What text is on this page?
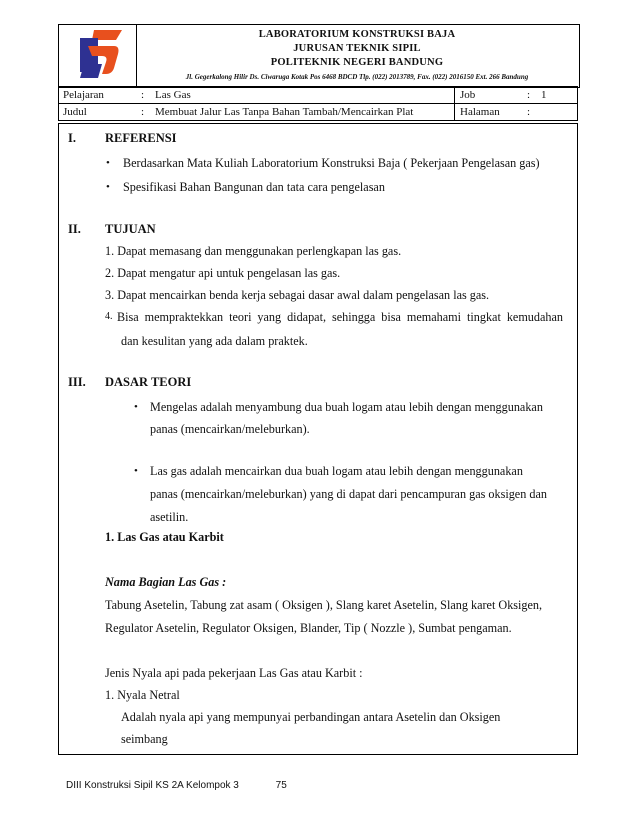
LABORATORIUM KONSTRUKSI BAJA
JURUSAN TEKNIK SIPIL
POLITEKNIK NEGERI BANDUNG
Jl. Gegerkalong Hilir Ds. Ciwaruga Kotak Pos 6468 BDCD Tlp. (022) 2013789, Fax. (022) 2016150 Ext. 266 Bandung
Pelajaran	: Las Gas	Job	: 1
Judul	: Membuat Jalur Las Tanpa Bahan Tambah/Mencairkan Plat	Halaman :
I. REFERENSI
• Berdasarkan Mata Kuliah Laboratorium Konstruksi Baja ( Pekerjaan Pengelasan gas)
• Spesifikasi Bahan Bangunan dan tata cara pengelasan
II. TUJUAN
1. Dapat memasang dan menggunakan perlengkapan las gas.
2. Dapat mengatur api untuk pengelasan las gas.
3. Dapat mencairkan benda kerja sebagai dasar awal dalam pengelasan las gas.
4. Bisa mempraktekkan teori yang didapat, sehingga bisa memahami tingkat kemudahan
dan kesulitan yang ada dalam praktek.
III. DASAR TEORI
• Mengelas adalah menyambung dua buah logam atau lebih dengan menggunakan
panas (mencairkan/meleburkan).
• Las gas adalah mencairkan dua buah logam atau lebih dengan menggunakan
panas (mencairkan/meleburkan) yang di dapat dari pencampuran gas oksigen dan
asetilin.
1. Las Gas atau Karbit
Nama Bagian Las Gas :
Tabung Asetelin, Tabung zat asam ( Oksigen ), Slang karet Asetelin, Slang karet Oksigen,
Regulator Asetelin, Regulator Oksigen, Blander, Tip ( Nozzle ), Sumbat pengaman.
Jenis Nyala api pada pekerjaan Las Gas atau Karbit :
1. Nyala Netral
Adalah nyala api yang mempunyai perbandingan antara Asetelin dan Oksigen
seimbang
DIII Konstruksi Sipil KS 2A Kelompok 3	75
